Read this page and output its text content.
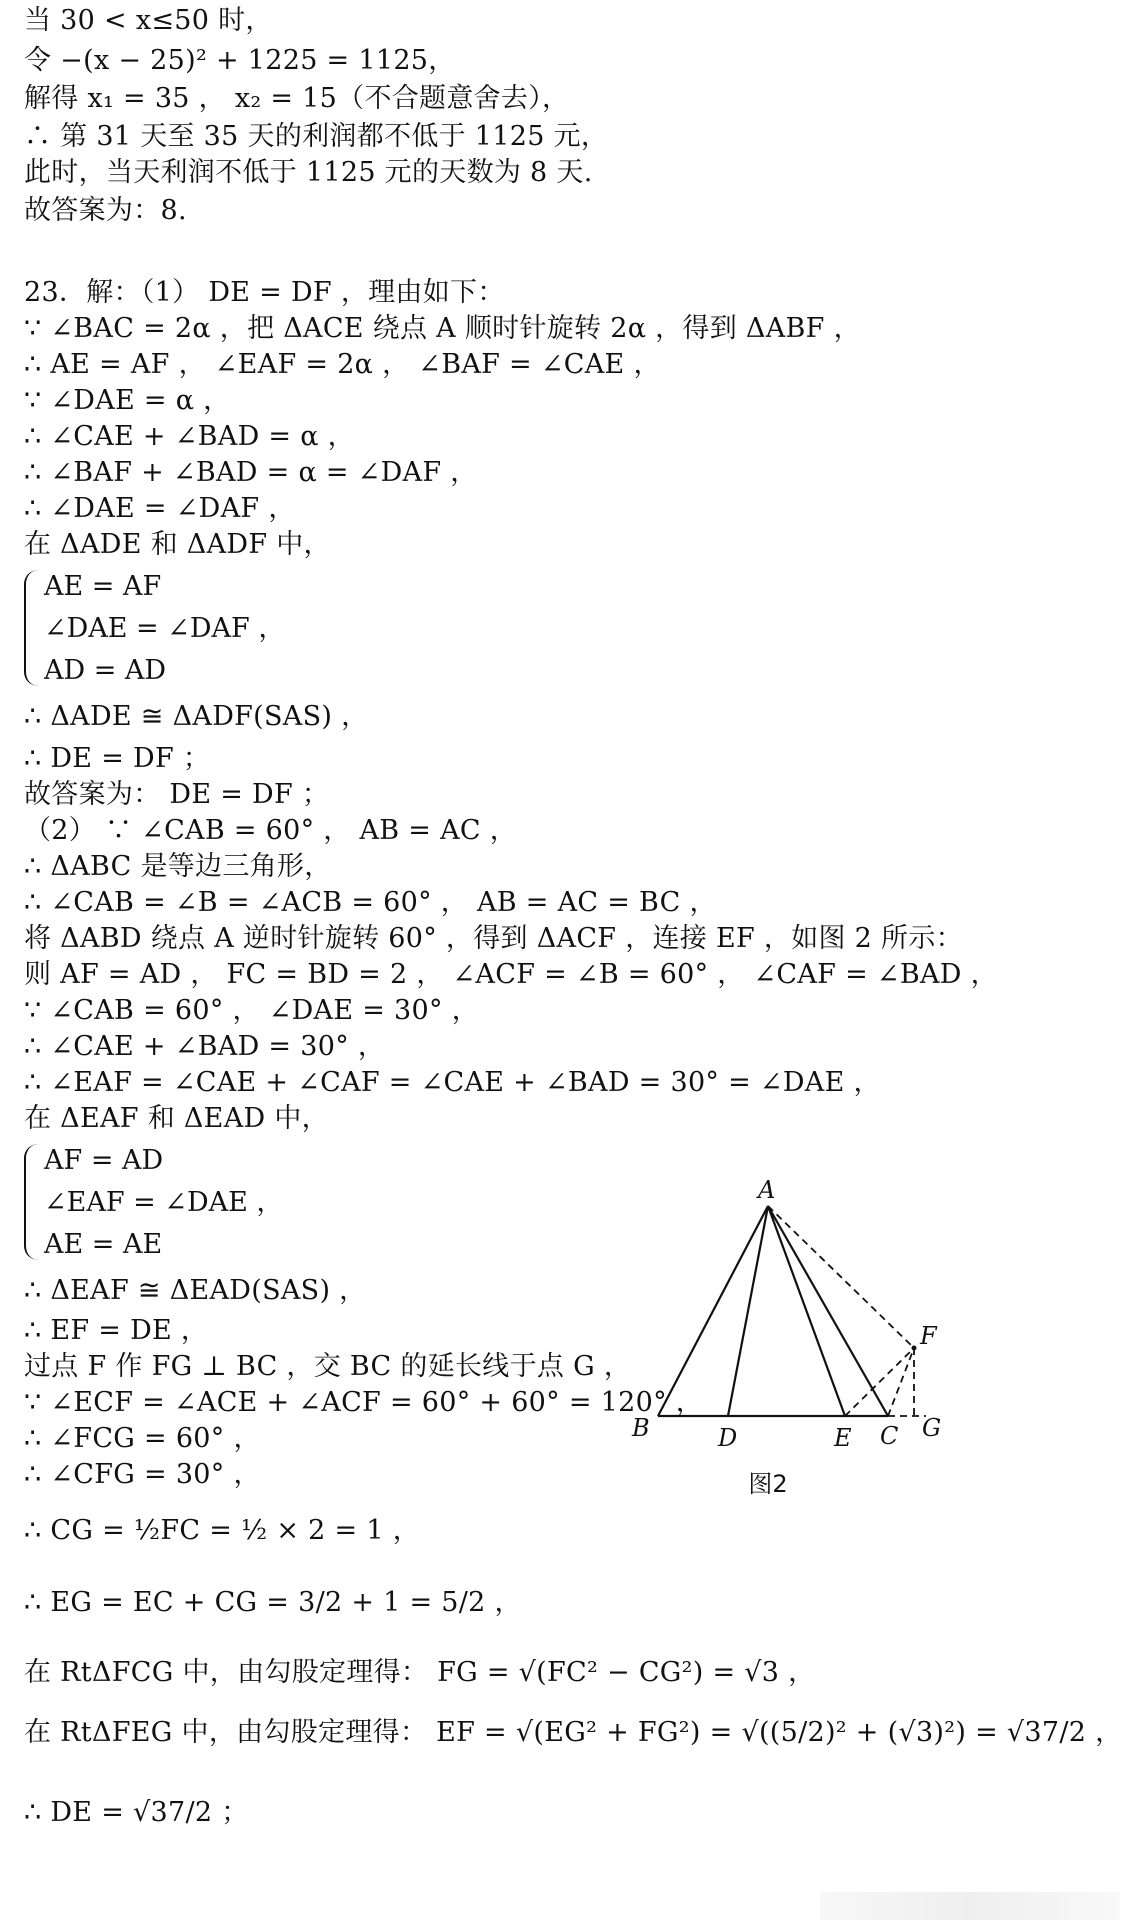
当 30 < x≤50 时，
令 −(x − 25)² + 1225 = 1125，
解得 x₁ = 35 ， x₂ = 15（不合题意舍去），
∴ 第 31 天至 35 天的利润都不低于 1125 元，
此时，当天利润不低于 1125 元的天数为 8 天.
故答案为：8.
23．解：（1） DE = DF ，理由如下：
∵ ∠BAC = 2α ，把 ΔACE 绕点 A 顺时针旋转 2α ，得到 ΔABF ，
∴ AE = AF ， ∠EAF = 2α ， ∠BAF = ∠CAE ，
∵ ∠DAE = α ，
∴ ∠CAE + ∠BAD = α ，
∴ ∠BAF + ∠BAD = α = ∠DAF ，
∴ ∠DAE = ∠DAF ，
在 ΔADE 和 ΔADF 中，
AE = AF
∠DAE = ∠DAF ，
AD = AD
∴ ΔADE ≅ ΔADF(SAS) ，
∴ DE = DF ；
故答案为： DE = DF ；
（2） ∵ ∠CAB = 60° ， AB = AC ，
∴ ΔABC 是等边三角形，
∴ ∠CAB = ∠B = ∠ACB = 60° ， AB = AC = BC ，
将 ΔABD 绕点 A 逆时针旋转 60° ，得到 ΔACF ，连接 EF ，如图 2 所示：
则 AF = AD ， FC = BD = 2 ， ∠ACF = ∠B = 60° ， ∠CAF = ∠BAD ，
∵ ∠CAB = 60° ， ∠DAE = 30° ，
∴ ∠CAE + ∠BAD = 30° ，
∴ ∠EAF = ∠CAE + ∠CAF = ∠CAE + ∠BAD = 30° = ∠DAE ，
在 ΔEAF 和 ΔEAD 中，
AF = AD
∠EAF = ∠DAE ，
AE = AE
∴ ΔEAF ≅ ΔEAD(SAS) ，
∴ EF = DE ，
过点 F 作 FG ⊥ BC ，交 BC 的延长线于点 G ，
∵ ∠ECF = ∠ACE + ∠ACF = 60° + 60° = 120° ，
∴ ∠FCG = 60° ，
∴ ∠CFG = 30° ，
∴ CG = ½FC = ½ × 2 = 1 ，
∴ EG = EC + CG = 3/2 + 1 = 5/2 ，
在 RtΔFCG 中，由勾股定理得： FG = √(FC² − CG²) = √3 ，
在 RtΔFEG 中，由勾股定理得： EF = √(EG² + FG²) = √((5/2)² + (√3)²) = √37/2 ，
∴ DE = √37/2 ；
A
B	D	E C
F
G
图2
